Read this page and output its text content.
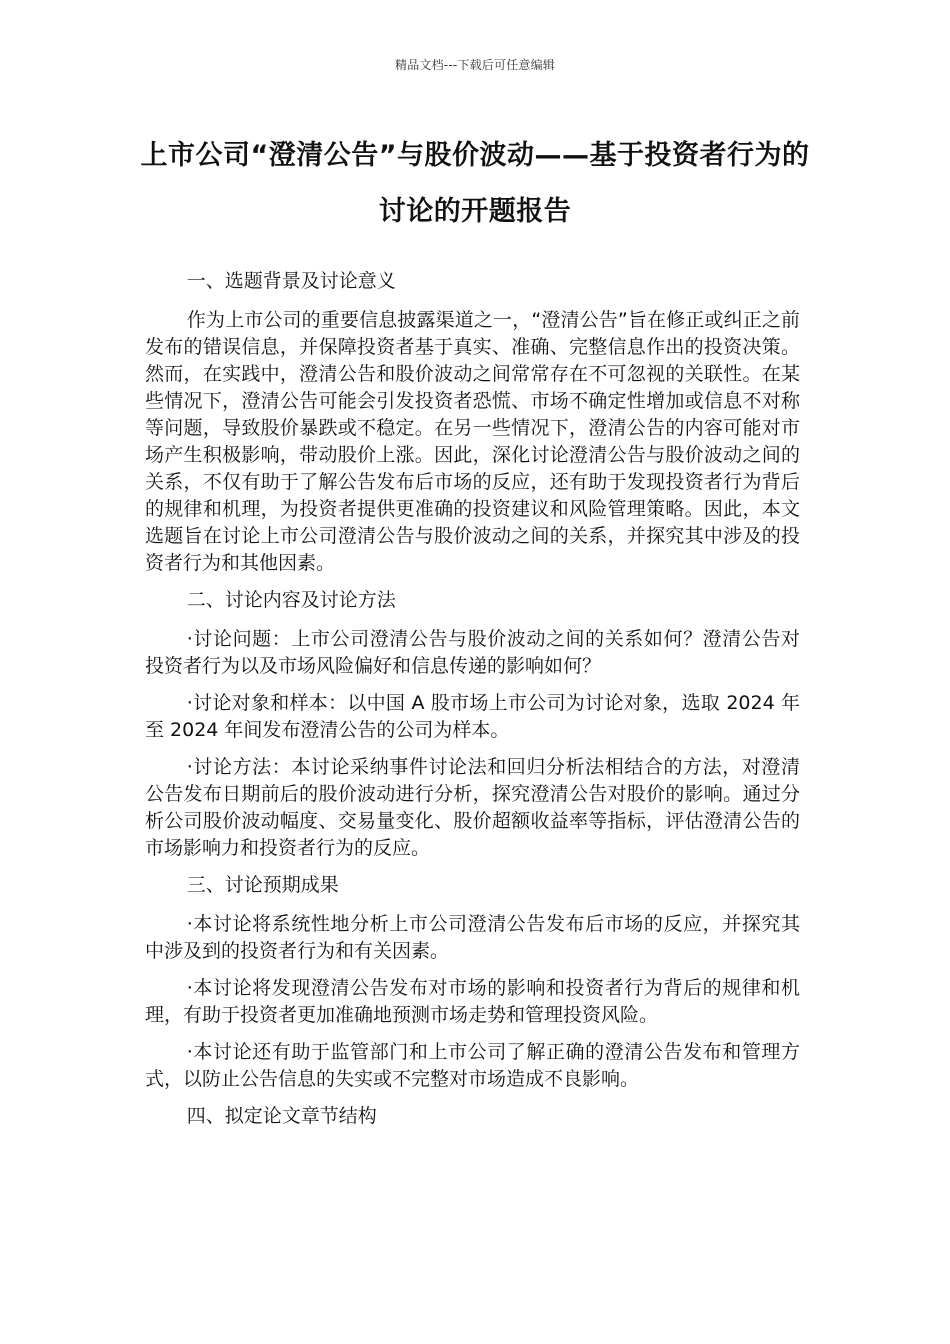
精品文档---下载后可任意编辑
上市公司“澄清公告”与股价波动——基于投资者行为的讨论的开题报告

一、选题背景及讨论意义

作为上市公司的重要信息披露渠道之一，“澄清公告”旨在修正或纠正之前发布的错误信息，并保障投资者基于真实、准确、完整信息作出的投资决策。然而，在实践中，澄清公告和股价波动之间常常存在不可忽视的关联性。在某些情况下，澄清公告可能会引发投资者恐慌、市场不确定性增加或信息不对称等问题，导致股价暴跌或不稳定。在另一些情况下，澄清公告的内容可能对市场产生积极影响，带动股价上涨。因此，深化讨论澄清公告与股价波动之间的关系，不仅有助于了解公告发布后市场的反应，还有助于发现投资者行为背后的规律和机理，为投资者提供更准确的投资建议和风险管理策略。因此，本文选题旨在讨论上市公司澄清公告与股价波动之间的关系，并探究其中涉及的投资者行为和其他因素。

二、讨论内容及讨论方法

·讨论问题：上市公司澄清公告与股价波动之间的关系如何？澄清公告对投资者行为以及市场风险偏好和信息传递的影响如何？

·讨论对象和样本：以中国 A 股市场上市公司为讨论对象，选取 2024 年至 2024 年间发布澄清公告的公司为样本。

·讨论方法：本讨论采纳事件讨论法和回归分析法相结合的方法，对澄清公告发布日期前后的股价波动进行分析，探究澄清公告对股价的影响。通过分析公司股价波动幅度、交易量变化、股价超额收益率等指标，评估澄清公告的市场影响力和投资者行为的反应。

三、讨论预期成果

·本讨论将系统性地分析上市公司澄清公告发布后市场的反应，并探究其中涉及到的投资者行为和有关因素。

·本讨论将发现澄清公告发布对市场的影响和投资者行为背后的规律和机理，有助于投资者更加准确地预测市场走势和管理投资风险。

·本讨论还有助于监管部门和上市公司了解正确的澄清公告发布和管理方式，以防止公告信息的失实或不完整对市场造成不良影响。

四、拟定论文章节结构
